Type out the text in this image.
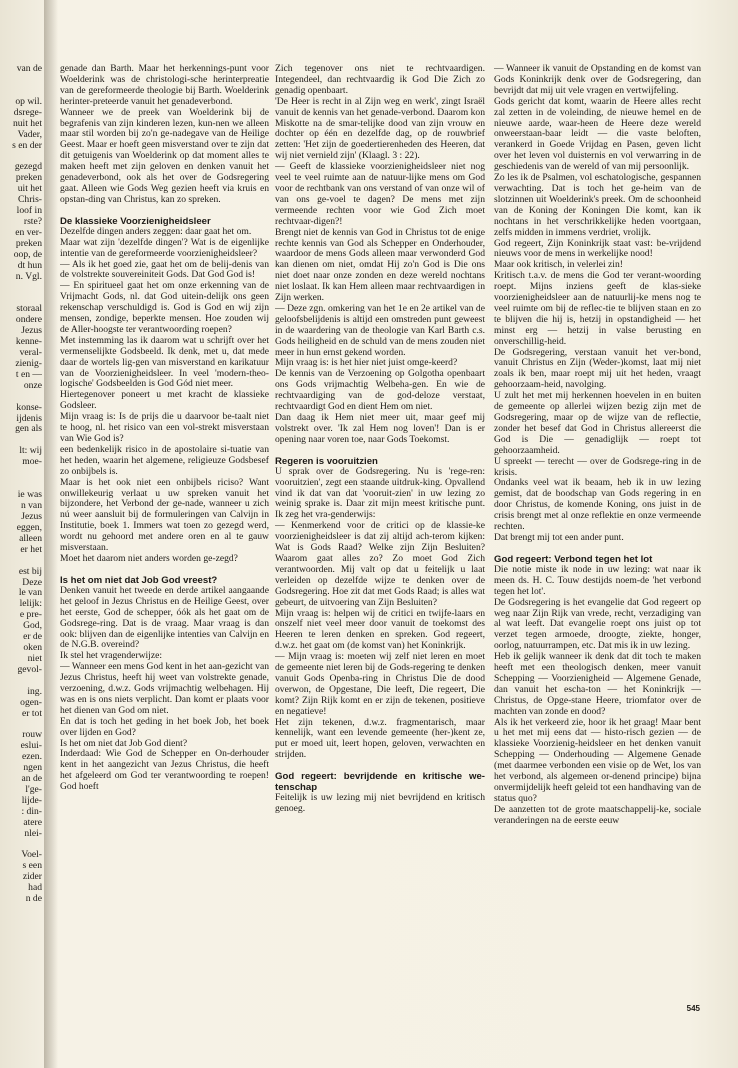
van de
op wil.
dsrege-
nuit het
Vader,
s en der
gezegd
preken
uit het
Chris-
loof in
rste?
en ver-
preken
oop, de
dt hun
n. Vgl.
storaal
ondere
Jezus
kenne-
veral-
zienig-
t en —
onze
konse-
ijdenis
gen als
lt: wij
moe-
ie was
n van
Jezus
eggen,
alleen
er het
est bij
Deze
le van
lelijk:
e pre-
God,
er de
oken
niet
gevol-
ing.
ogen-
er tot
rouw
eslui-
ezen.
ngen
an de
l'ge-
lijde-
: din-
atere
nlei-
Voel-
s een
zider
had
n de

genade dan Barth. Maar het herkennings-punt voor Woelderink was de christologi-sche herinterpreatie van de gereformeerde theologie bij Barth. Woelderink herinter-preteerde vanuit het genadeverbond.

Wanneer we de preek van Woelderink bij de begrafenis van zijn kinderen lezen, kun-nen we alleen maar stil worden bij zo'n ge-nadegave van de Heilige Geest. Maar er hoeft geen misverstand over te zijn dat dit getuigenis van Woelderink op dat moment alles te maken heeft met zijn geloven en denken vanuit het genadeverbond, ook als het over de Godsregering gaat. Alleen wie Gods Weg gezien heeft via kruis en opstan-ding van Christus, kan zo spreken.

De klassieke Voorzienigheidsleer

Dezelfde dingen anders zeggen: daar gaat het om.

Maar wat zijn 'dezelfde dingen'? Wat is de eigenlijke intentie van de gereformeerde voorzienigheidsleer?

— Als ik het goed zie, gaat het om de belij-denis van de volstrekte souvereiniteit Gods. Dat God God is!

— En spiritueel gaat het om onze erkenning van de Vrijmacht Gods, nl. dat God uitein-delijk ons geen rekenschap verschuldigd is. God is God en wij zijn mensen, zondige, beperkte mensen. Hoe zouden wij de Aller-hoogste ter verantwoording roepen?

Met instemming las ik daarom wat u schrijft over het vermenselijkte Godsbeeld. Ik denk, met u, dat mede daar de wortels lig-gen van misverstand en karikatuur van de Voorzienigheidsleer. In veel 'modern-theo-logische' Godsbeelden is God Gód niet meer.

Hiertegenover poneert u met kracht de klassieke Godsleer.

Mijn vraag is: Is de prijs die u daarvoor be-taalt niet te hoog, nl. het risico van een vol-strekt misverstaan van Wie God is?

een bedenkelijk risico in de apostolaire si-tuatie van het heden, waarin het algemene, religieuze Godsbesef zo onbijbels is.

Maar is het ook niet een onbijbels riciso? Want onwillekeurig verlaat u uw spreken vanuit het bijzondere, het Verbond der ge-nade, wanneer u zich nú weer aansluit bij de formuleringen van Calvijn in Institutie, boek 1. Immers wat toen zo gezegd werd, wordt nu gehoord met andere oren en al te gauw misverstaan.

Moet het daarom niet anders worden ge-zegd?

Is het om niet dat Job God vreest?

Denken vanuit het tweede en derde artikel aangaande het geloof in Jezus Christus en de Heilige Geest, over het eerste, God de schepper, óók als het gaat om de Godsrege-ring. Dat is de vraag. Maar vraag is dan ook: blijven dan de eigenlijke intenties van Calvijn en de N.G.B. overeind?

Ik stel het vragenderwijze:

— Wanneer een mens God kent in het aan-gezicht van Jezus Christus, heeft hij weet van volstrekte genade, verzoening, d.w.z. Gods vrijmachtig welbehagen. Hij was en is ons niets verplicht. Dan komt er plaats voor het dienen van God om niet.

En dat is toch het geding in het boek Job, het boek over lijden en God?

Is het om niet dat Job God dient?

Inderdaad: Wie God de Schepper en On-derhouder kent in het aangezicht van Jezus Christus, die heeft het afgeleerd om God ter verantwoording te roepen! God hoeft

Zich tegenover ons niet te rechtvaardigen. Integendeel, dan rechtvaardig ik God Die Zich zo genadig openbaart.

'De Heer is recht in al Zijn weg en werk', zingt Israël vanuit de kennis van het genade-verbond. Daarom kon Miskotte na de smar-telijke dood van zijn vrouw en dochter op één en dezelfde dag, op de rouwbrief zetten: 'Het zijn de goedertierenheden des Heeren, dat wij niet vernield zijn' (Klaagl. 3 : 22).

— Geeft de klassieke voorzienigheidsleer niet nog veel te veel ruimte aan de natuur-lijke mens om God voor de rechtbank van ons verstand of van onze wil of van ons ge-voel te dagen? De mens met zijn vermeende rechten voor wie God Zich moet rechtvaar-digen?!

Brengt niet de kennis van God in Christus tot de enige rechte kennis van God als Schepper en Onderhouder, waardoor de mens Gods alleen maar verwonderd God kan dienen om niet, omdat Hij zo'n God is Die ons niet doet naar onze zonden en deze wereld nochtans niet loslaat. Ik kan Hem alleen maar rechtvaardigen in Zijn werken.

— Deze zgn. omkering van het 1e en 2e artikel van de geloofsbelijdenis is altijd een omstreden punt geweest in de waardering van de theologie van Karl Barth c.s. Gods heiligheid en de schuld van de mens zouden niet meer in hun ernst gekend worden.

Mijn vraag is: is het hier niet juist omge-keerd?

De kennis van de Verzoening op Golgotha openbaart ons Gods vrijmachtig Welbeha-gen. En wie de rechtvaardiging van de god-deloze verstaat, rechtvaardigt God en dient Hem om niet.

Dan daag ik Hem niet meer uit, maar geef mij volstrekt over. 'Ik zal Hem nog loven'! Dan is er opening naar voren toe, naar Gods Toekomst.

Regeren is vooruitzien

U sprak over de Godsregering. Nu is 'rege-ren: vooruitzien', zegt een staande uitdruk-king. Opvallend vind ik dat van dat 'vooruit-zien' in uw lezing zo weinig sprake is. Daar zit mijn meest kritische punt. Ik zeg het vra-genderwijs:

— Kenmerkend voor de critici op de klassie-ke voorzienigheidsleer is dat zij altijd ach-terom kijken: Wat is Gods Raad? Welke zijn Zijn Besluiten? Waarom gaat alles zo? Zo moet God Zich verantwoorden. Mij valt op dat u feitelijk u laat verleiden op dezelfde wijze te denken over de Godsregering. Hoe zit dat met Gods Raad; is alles wat gebeurt, de uitvoering van Zijn Besluiten?

Mijn vraag is: helpen wij de critici en twijfe-laars en onszelf niet veel meer door vanuit de toekomst des Heeren te leren denken en spreken. God regeert, d.w.z. het gaat om (de komst van) het Koninkrijk.

— Mijn vraag is: moeten wij zelf niet leren en moet de gemeente niet leren bij de Gods-regering te denken vanuit Gods Openba-ring in Christus Die de dood overwon, de Opgestane, Die leeft, Die regeert, Die komt? Zijn Rijk komt en er zijn de tekenen, positieve en negatieve!

Het zijn tekenen, d.w.z. fragmentarisch, maar kennelijk, want een levende gemeente (her-)kent ze, put er moed uit, leert hopen, geloven, verwachten en strijden.

God regeert: bevrijdende en kritische we-tenschap

Feitelijk is uw lezing mij niet bevrijdend en kritisch genoeg.

— Wanneer ik vanuit de Opstanding en de komst van Gods Koninkrijk denk over de Godsregering, dan bevrijdt dat mij uit vele vragen en vertwijfeling.

Gods gericht dat komt, waarin de Heere alles recht zal zetten in de voleinding, de nieuwe hemel en de nieuwe aarde, waar-heen de Heere deze wereld onweerstaan-baar leidt — die vaste beloften, verankerd in Goede Vrijdag en Pasen, geven licht over het leven vol duisternis en vol verwarring in de geschiedenis van de wereld of van mij persoonlijk.

Zo les ik de Psalmen, vol eschatologische, gespannen verwachting. Dat is toch het ge-heim van de slotzinnen uit Woelderink's preek. Om de schoonheid van de Koning der Koningen Die komt, kan ik nochtans in het verschrikkelijke heden voortgaan, zelfs midden in immens verdriet, vrolijk.

God regeert, Zijn Koninkrijk staat vast: be-vrijdend nieuws voor de mens in werkelijke nood!

Maar ook kritisch, in velerlei zin!

Kritisch t.a.v. de mens die God ter verant-woording roept. Mijns inziens geeft de klas-sieke voorzienigheidsleer aan de natuurlij-ke mens nog te veel ruimte om bij de reflec-tie te blijven staan en zo te blijven die hij is, hetzij in opstandigheid — het minst erg — hetzij in valse berusting en onverschillig-heid.

De Godsregering, verstaan vanuit het ver-bond, vanuit Christus en Zijn (Weder-)komst, laat mij niet zoals ik ben, maar roept mij uit het heden, vraagt gehoorzaam-heid, navolging.

U zult het met mij herkennen hoevelen in en buiten de gemeente op allerlei wijzen bezig zijn met de Godsregering, maar op de wijze van de reflectie, zonder het besef dat God in Christus allereerst die God is Die — genadiglijk — roept tot gehoorzaamheid.

U spreekt — terecht — over de Godsrege-ring in de krisis.

Ondanks veel wat ik beaam, heb ik in uw lezing gemist, dat de boodschap van Gods regering in en door Christus, de komende Koning, ons juist in de crisis brengt met al onze reflektie en onze vermeende rechten.

Dat brengt mij tot een ander punt.

God regeert: Verbond tegen het lot

Die notie miste ik node in uw lezing: wat naar ik meen ds. H. C. Touw destijds noem-de 'het verbond tegen het lot'.

De Godsregering is het evangelie dat God regeert op weg naar Zijn Rijk van vrede, recht, verzadiging van al wat leeft. Dat evangelie roept ons juist op tot verzet tegen armoede, droogte, ziekte, honger, oorlog, natuurrampen, etc. Dat mis ik in uw lezing.

Heb ik gelijk wanneer ik denk dat dit toch te maken heeft met een theologisch denken, meer vanuit Schepping — Voorzienigheid — Algemene Genade, dan vanuit het escha-ton — het Koninkrijk — Christus, de Opge-stane Heere, triomfator over de machten van zonde en dood?

Als ik het verkeerd zie, hoor ik het graag! Maar bent u het met mij eens dat — histo-risch gezien — de klassieke Voorzienig-heidsleer en het denken vanuit Schepping — Onderhouding — Algemene Genade (met daarmee verbonden een visie op de Wet, los van het verbond, als algemeen or-denend principe) bijna onvermijdelijk heeft geleid tot een handhaving van de status quo?

De aanzetten tot de grote maatschappelij-ke, sociale veranderingen na de eerste eeuw

545
